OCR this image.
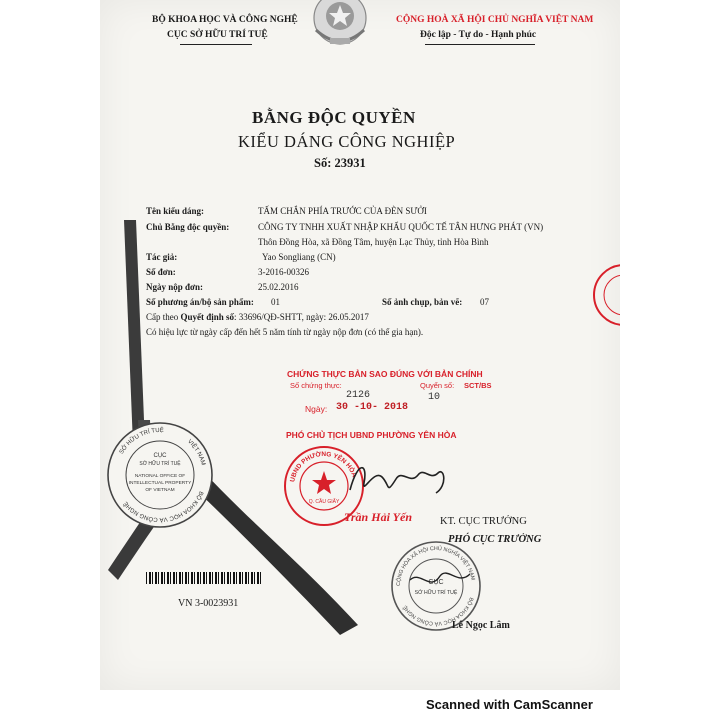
BỘ KHOA HỌC VÀ CÔNG NGHỆ
CỤC SỞ HỮU TRÍ TUỆ
CỘNG HOÀ XÃ HỘI CHỦ NGHĨA VIỆT NAM
Độc lập - Tự do - Hạnh phúc
BẰNG ĐỘC QUYỀN
KIỂU DÁNG CÔNG NGHIỆP
Số: 23931
Tên kiểu dáng:	TẤM CHẮN PHÍA TRƯỚC CỦA ĐÈN SƯỞI
Chủ Bằng độc quyền:	CÔNG TY TNHH XUẤT NHẬP KHẨU QUỐC TẾ TÂN HƯNG PHÁT (VN)
Thôn Đồng Hòa, xã Đồng Tâm, huyện Lạc Thủy, tỉnh Hòa Bình
Tác giả:	Yao Songliang (CN)
Số đơn:	3-2016-00326
Ngày nộp đơn:	25.02.2016
Số phương án/bộ sản phẩm: 01	Số ảnh chụp, bản vẽ: 07
Cấp theo Quyết định số: 33696/QĐ-SHTT, ngày: 26.05.2017
Có hiệu lực từ ngày cấp đến hết 5 năm tính từ ngày nộp đơn (có thể gia hạn).
CHỨNG THỰC BẢN SAO ĐÚNG VỚI BẢN CHÍNH
Số chứng thực:	Quyển số: SCT/BS
2126	10
Ngày: 30 -10- 2018
PHÓ CHỦ TỊCH UBND PHƯỜNG YÊN HÒA
UBND PHƯỜNG YÊN HÒA
Q. CẦU GIẤY
Trần Hải Yến	KT. CỤC TRƯỞNG
PHÓ CỤC TRƯỞNG
CỘNG HÒA XÃ HỘI CHỦ NGHĨA VIỆT NAM
BỘ KHOA HỌC VÀ CÔNG NGHỆ
CỤC
SỞ HỮU TRÍ TUỆ
Lê Ngọc Lâm
SỞ HỮU TRÍ TUỆ
BỘ KHOA HỌC VÀ CÔNG NGHỆ
VIỆT NAM
CỤC
SỞ HỮU TRÍ TUỆ
NATIONAL OFFICE OF
INTELLECTUAL PROPERTY
OF VIETNAM
VN 3-0023931
Scanned with CamScanner
